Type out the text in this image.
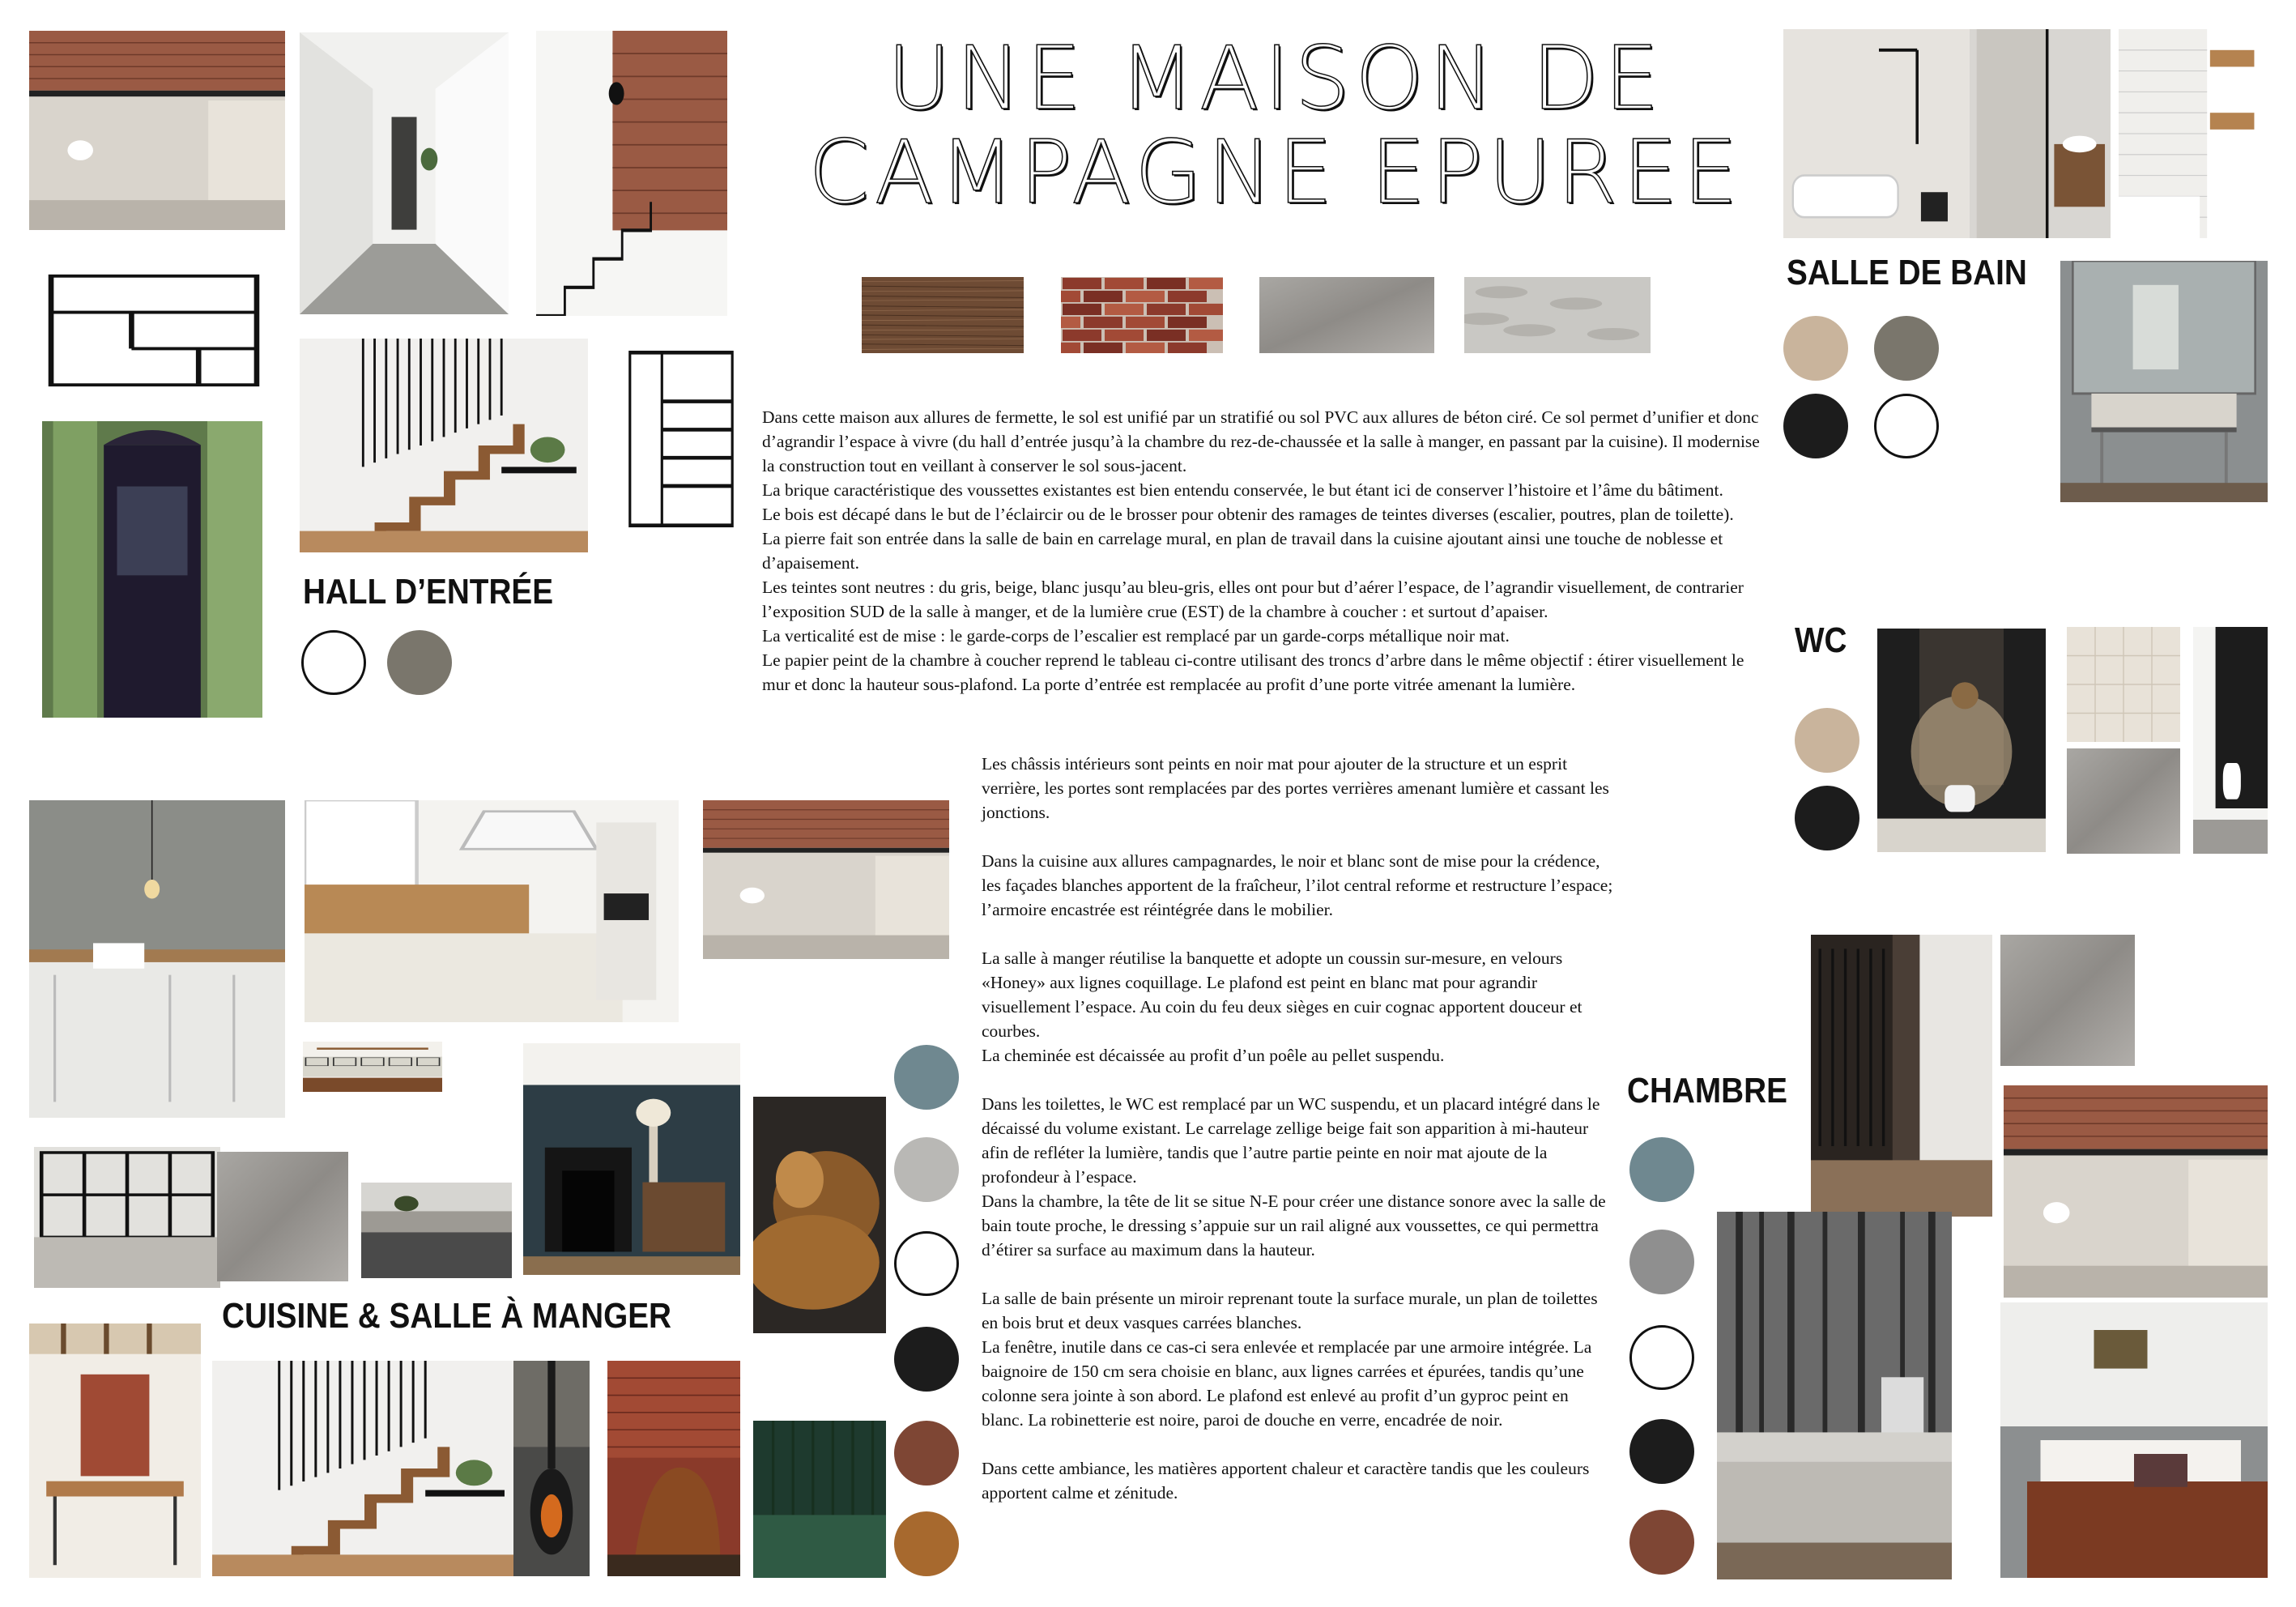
UNE MAISON DE
CAMPAGNE EPUREE
HALL D’ENTRÉE
SALLE DE BAIN
WC
CHAMBRE
CUISINE & SALLE À MANGER

Dans cette maison aux allures de fermette, le sol est unifié par un stratifié ou sol PVC aux allures de béton ciré. Ce sol permet d’unifier et donc d’agrandir l’espace à vivre (du hall d’entrée jusqu’à la chambre du rez-de-chaussée et la salle à manger, en passant par la cuisine). Il modernise la construction tout en veillant à conserver le sol sous-jacent.

La brique caractéristique des voussettes existantes est bien entendu conservée, le but étant ici de conserver l’histoire et l’âme du bâtiment.

Le bois est décapé dans le but de l’éclaircir ou de le brosser pour obtenir des ramages de teintes diverses (escalier, poutres, plan de toilette).

La pierre fait son entrée dans la salle de bain en carrelage mural, en plan de travail dans la cuisine ajoutant ainsi une touche de noblesse et d’apaisement.

Les teintes sont neutres : du gris, beige, blanc jusqu’au bleu-gris, elles ont pour but d’aérer l’espace, de l’agrandir visuellement, de contrarier l’exposition SUD de la salle à manger, et de la lumière crue (EST) de la chambre à coucher : et surtout d’apaiser.

La verticalité est de mise : le garde-corps de l’escalier est remplacé par un garde-corps métallique noir mat.

Le papier peint de la chambre à coucher reprend le tableau ci-contre utilisant des troncs d’arbre dans le même objectif : étirer visuellement le mur et donc la hauteur sous-plafond. La porte d’entrée est remplacée au profit d’une porte vitrée amenant la lumière.

Les châssis intérieurs sont peints en noir mat pour ajouter de la structure et un esprit verrière, les portes sont remplacées par des portes verrières amenant lumière et cassant les jonctions.

Dans la cuisine aux allures campagnardes, le noir et blanc sont de mise pour la crédence, les façades blanches apportent de la fraîcheur, l’ilot central reforme et restructure l’espace; l’armoire encastrée est réintégrée dans le mobilier.

La salle à manger réutilise la banquette et adopte un coussin sur-mesure, en velours «Honey» aux lignes coquillage. Le plafond est peint en blanc mat pour agrandir visuellement l’espace. Au coin du feu deux sièges en cuir cognac apportent douceur et courbes.

La cheminée est décaissée au profit d’un poêle au pellet suspendu.

Dans les toilettes, le WC est remplacé par un WC suspendu, et un placard intégré dans le décaissé du volume existant. Le carrelage zellige beige fait son apparition à mi-hauteur afin de refléter la lumière, tandis que l’autre partie peinte en noir mat ajoute de la profondeur à l’espace.

Dans la chambre, la tête de lit se situe N-E pour créer une distance sonore avec la salle de bain toute proche, le dressing s’appuie sur un rail aligné aux voussettes, ce qui permettra d’étirer sa surface au maximum dans la hauteur.

La salle de bain présente un miroir reprenant toute la surface murale, un plan de toilettes en bois brut et deux vasques carrées blanches.

La fenêtre, inutile dans ce cas-ci sera enlevée et remplacée par une armoire intégrée. La baignoire de 150 cm sera choisie en blanc, aux lignes carrées et épurées, tandis qu’une colonne sera jointe à son abord. Le plafond est enlevé au profit d’un gyproc peint en blanc. La robinetterie est noire, paroi de douche en verre, encadrée de noir.

Dans cette ambiance, les matières apportent chaleur et caractère tandis que les couleurs apportent calme et zénitude.
